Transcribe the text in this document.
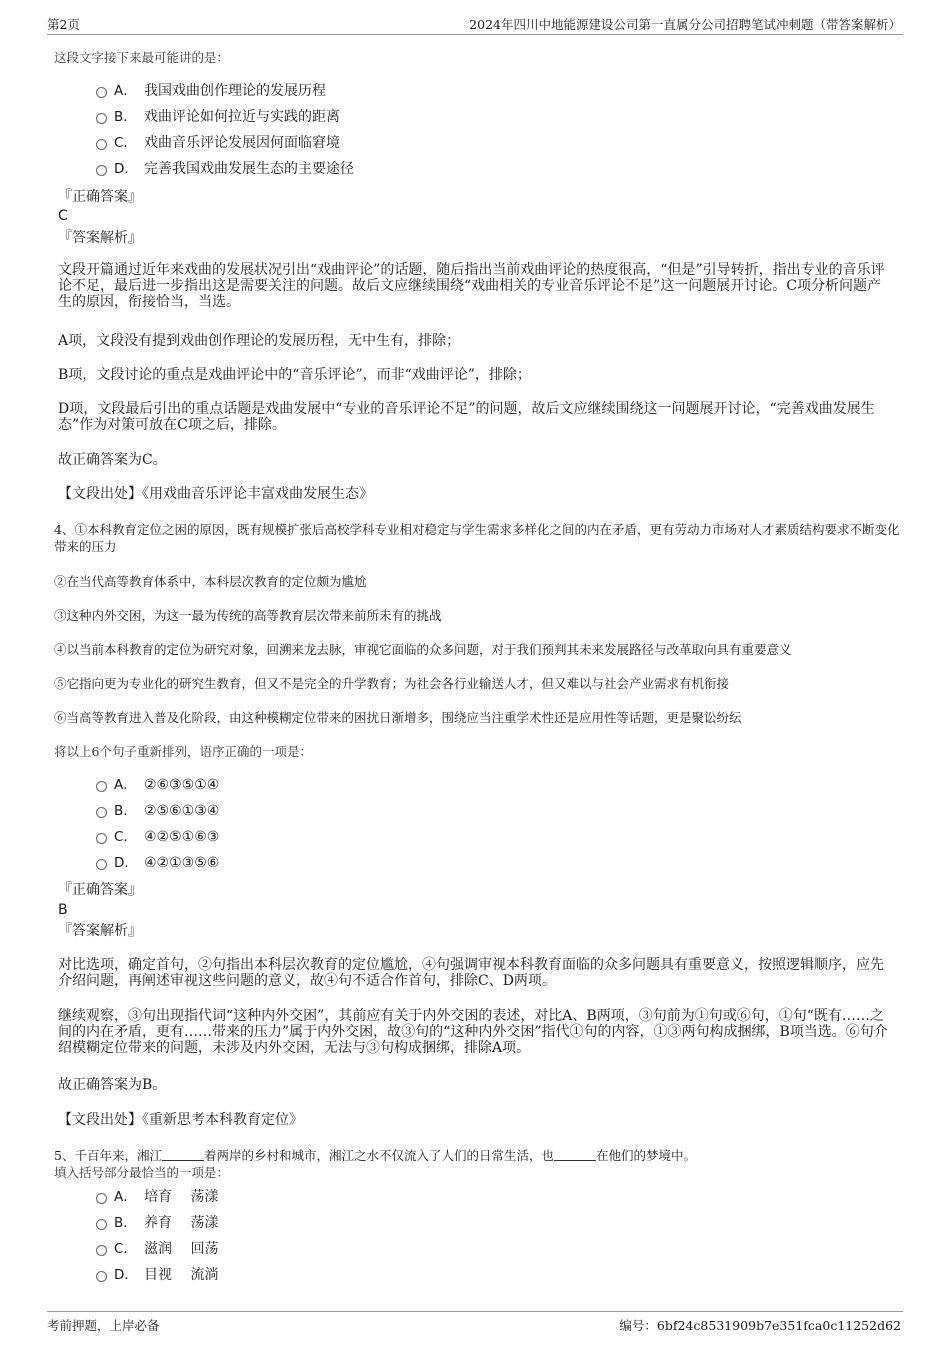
第2页	2024年四川中地能源建设公司第一直属分公司招聘笔试冲刺题（带答案解析）
这段文字接下来最可能讲的是：
A． 我国戏曲创作理论的发展历程
B． 戏曲评论如何拉近与实践的距离
C． 戏曲音乐评论发展因何面临窘境
D． 完善我国戏曲发展生态的主要途径
『正确答案』
C
『答案解析』
文段开篇通过近年来戏曲的发展状况引出“戏曲评论”的话题，随后指出当前戏曲评论的热度很高，“但是”引导转折，指出专业的音乐评论不足，最后进一步指出这是需要关注的问题。故后文应继续围绕“戏曲相关的专业音乐评论不足”这一问题展开讨论。C项分析问题产生的原因，衔接恰当，当选。
A项，文段没有提到戏曲创作理论的发展历程，无中生有，排除；
B项，文段讨论的重点是戏曲评论中的“音乐评论”，而非“戏曲评论”，排除；
D项，文段最后引出的重点话题是戏曲发展中“专业的音乐评论不足”的问题，故后文应继续围绕这一问题展开讨论，“完善戏曲发展生态”作为对策可放在C项之后，排除。
故正确答案为C。
【文段出处】《用戏曲音乐评论丰富戏曲发展生态》
4、①本科教育定位之困的原因，既有规模扩张后高校学科专业相对稳定与学生需求多样化之间的内在矛盾，更有劳动力市场对人才素质结构要求不断变化带来的压力
②在当代高等教育体系中，本科层次教育的定位颇为尴尬
③这种内外交困，为这一最为传统的高等教育层次带来前所未有的挑战
④以当前本科教育的定位为研究对象，回溯来龙去脉，审视它面临的众多问题，对于我们预判其未来发展路径与改革取向具有重要意义
⑤它指向更为专业化的研究生教育，但又不是完全的升学教育；为社会各行业输送人才，但又难以与社会产业需求有机衔接
⑥当高等教育进入普及化阶段，由这种模糊定位带来的困扰日渐增多，围绕应当注重学术性还是应用性等话题，更是聚讼纷纭
将以上6个句子重新排列，语序正确的一项是：
A． ②⑥③⑤①④
B． ②⑤⑥①③④
C． ④②⑤①⑥③
D． ④②①③⑤⑥
『正确答案』
B
『答案解析』
对比选项，确定首句，②句指出本科层次教育的定位尴尬，④句强调审视本科教育面临的众多问题具有重要意义，按照逻辑顺序，应先介绍问题，再阐述审视这些问题的意义，故④句不适合作首句，排除C、D两项。
继续观察，③句出现指代词“这种内外交困”，其前应有关于内外交困的表述，对比A、B两项，③句前为①句或⑥句，①句“既有……之间的内在矛盾，更有……带来的压力”属于内外交困，故③句的“这种内外交困”指代①句的内容，①③两句构成捆绑，B项当选。⑥句介绍模糊定位带来的问题，未涉及内外交困，无法与③句构成捆绑，排除A项。
故正确答案为B。
【文段出处】《重新思考本科教育定位》
5、千百年来，湘江	着两岸的乡村和城市，湘江之水不仅流入了人们的日常生活，也	在他们的梦境中。
填入括号部分最恰当的一项是：
A． 培育　 荡漾
B． 养育　 荡漾
C． 滋润　 回荡
D． 目视　 流淌
考前押题，上岸必备	编号：6bf24c8531909b7e351fca0c11252d62
